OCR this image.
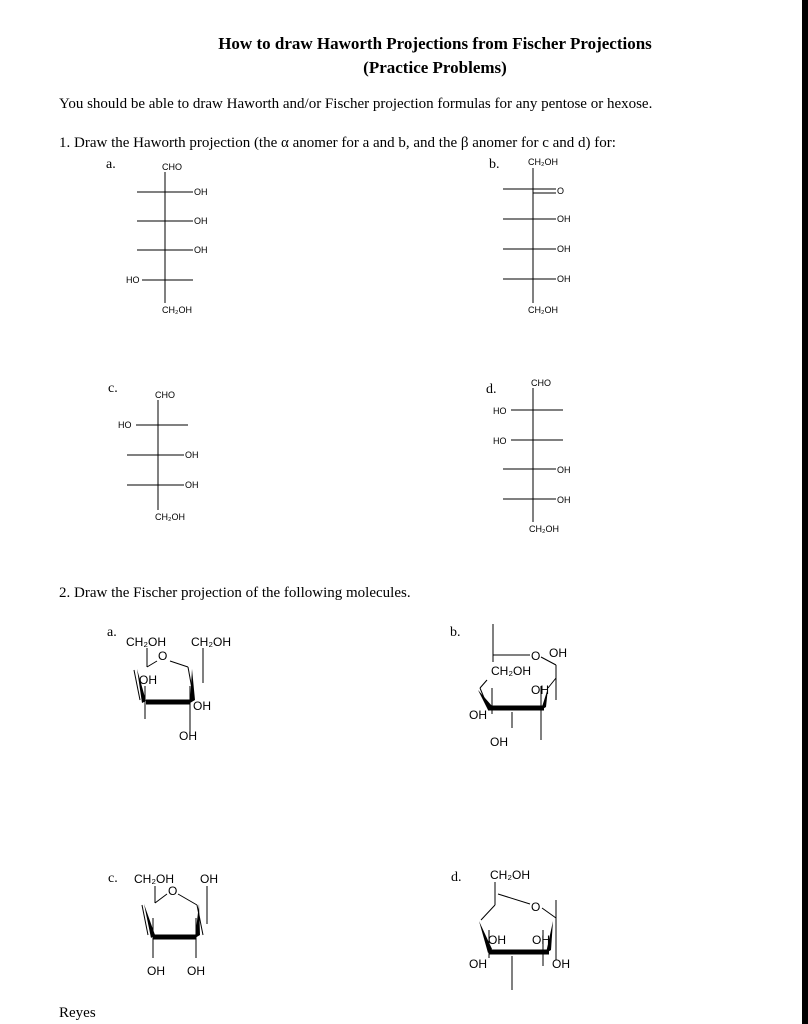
How to draw Haworth Projections from Fischer Projections
(Practice Problems)
You should be able to draw Haworth and/or Fischer projection formulas for any pentose or hexose.
1. Draw the Haworth projection (the α anomer for a and b, and the β anomer for c and d) for:
2. Draw the Fischer projection of the following molecules.
Reyes
a.	CHO
OH
OH
OH
HO
CH₂OH
b.	CH₂OH
O
OH
OH
OH
CH₂OH
c.	CHO
HO
OH
OH
CH₂OH
d.	CHO
HO
HO
OH
OH
CH₂OH
a.
CH₂OH CH₂OH
O
OH
OH
OH
b.
O OH
CH₂OH
OH
OH
OH
c. CH₂OH OH
O
OH OH
d. CH₂OH
O
OH OH
OH	OH
